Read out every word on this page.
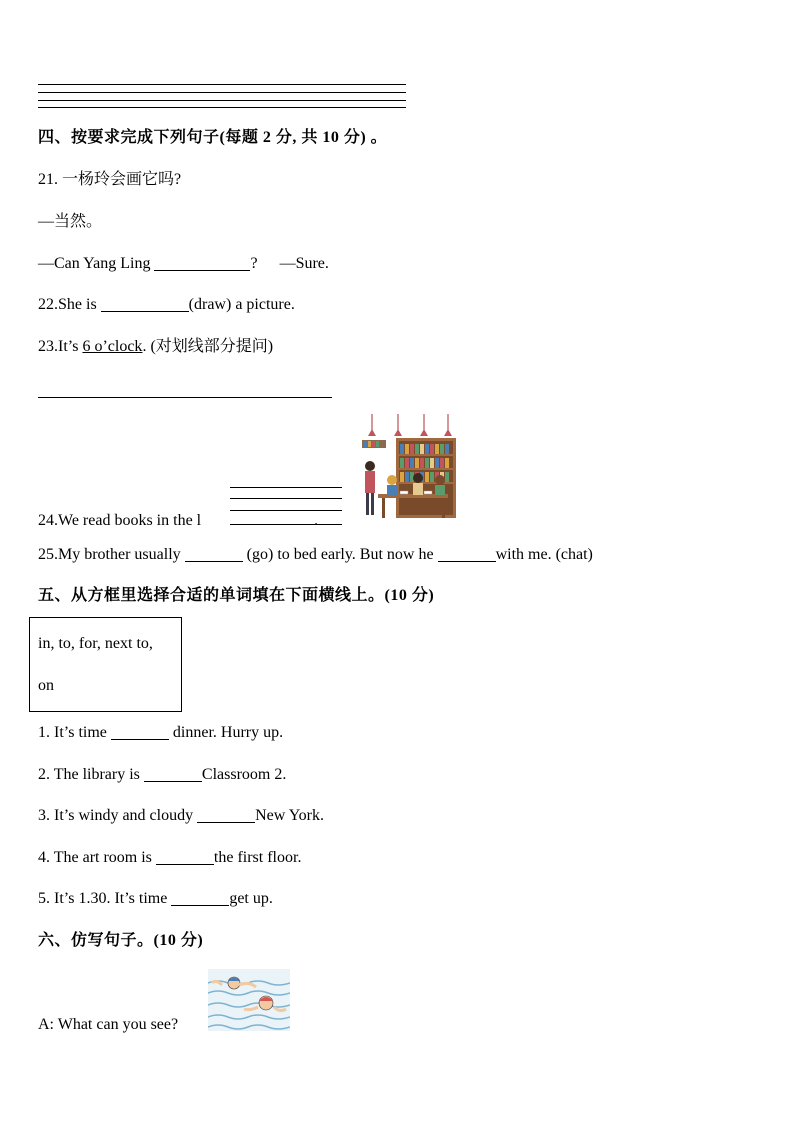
四、按要求完成下列句子(每题 2 分, 共 10 分) 。
21. 一杨玲会画它吗?
—当然。
—Can Yang Ling	? —Sure.
22.She is	(draw) a picture.
23.It’s 6 o’clock. (对划线部分提问)
24.We read books in the l	.
25.My brother usually	(go) to bed early. But now he	with me. (chat)
五、从方框里选择合适的单词填在下面横线上。(10 分)
in, to, for, next to,
on
1. It’s time	dinner. Hurry up.
2. The library is	Classroom 2.
3. It’s windy and cloudy	New York.
4. The art room is	the first floor.
5. It’s 1.30. It’s time	get up.
六、仿写句子。(10 分)
A: What can you see?
